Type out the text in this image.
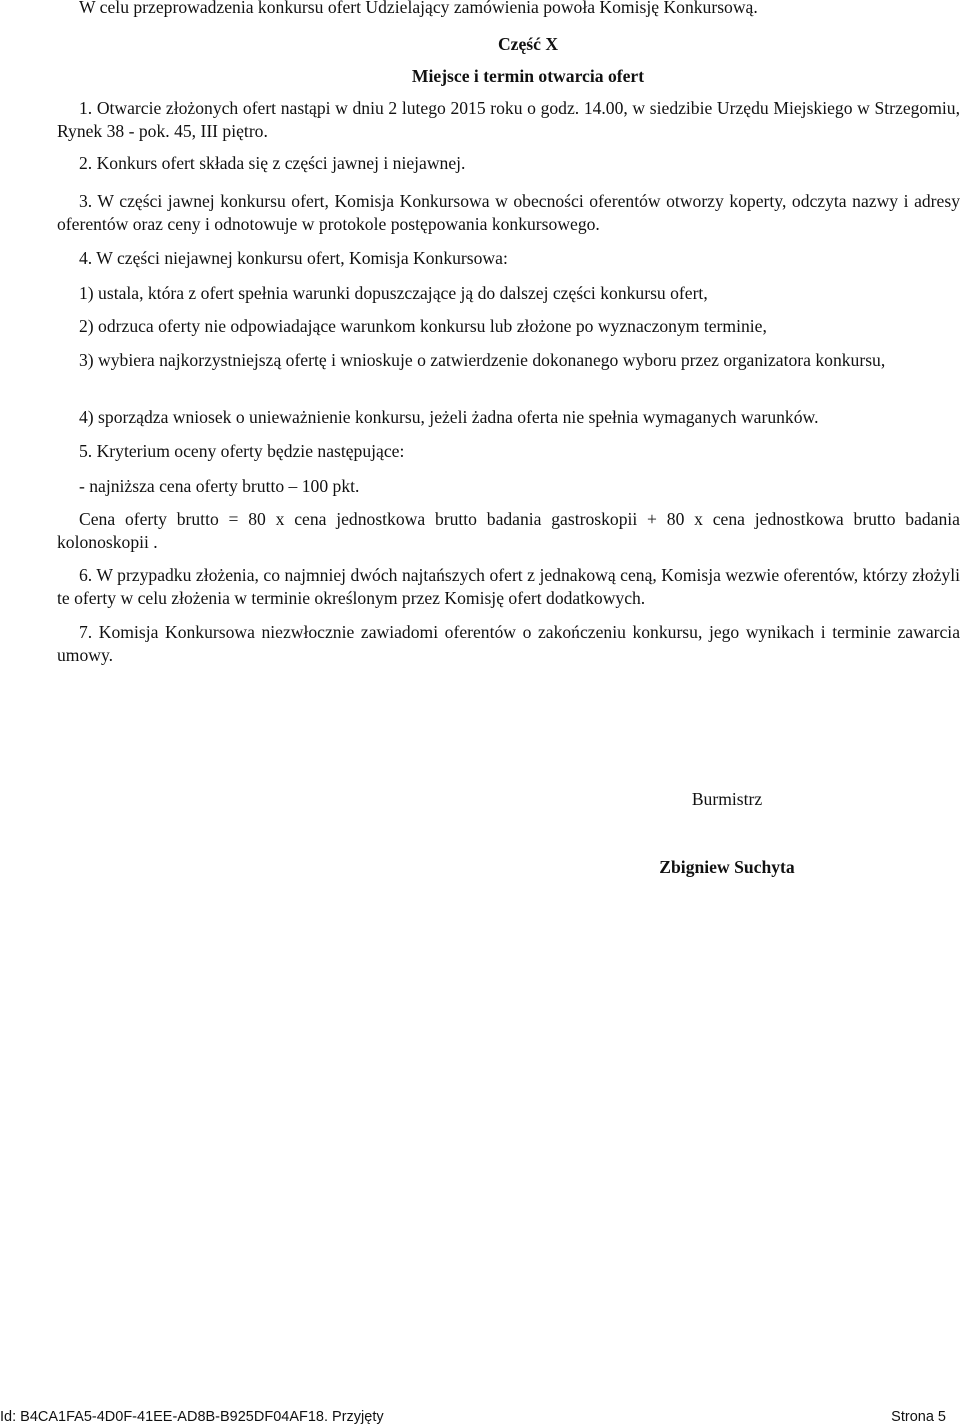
W celu przeprowadzenia konkursu ofert Udzielający zamówienia powoła Komisję Konkursową.

Część X

Miejsce i termin otwarcia ofert

1. Otwarcie złożonych ofert nastąpi w dniu 2 lutego 2015 roku o godz. 14.00, w siedzibie Urzędu Miejskiego w Strzegomiu, Rynek 38 - pok. 45, III piętro.

2. Konkurs ofert składa się z części jawnej i niejawnej.

3. W części jawnej konkursu ofert, Komisja Konkursowa w obecności oferentów otworzy koperty, odczyta nazwy i adresy oferentów oraz ceny i odnotowuje w protokole postępowania konkursowego.

4. W części niejawnej konkursu ofert, Komisja Konkursowa:

1) ustala, która z ofert spełnia warunki dopuszczające ją do dalszej części konkursu ofert,

2) odrzuca oferty nie odpowiadające warunkom konkursu lub złożone po wyznaczonym terminie,

3) wybiera najkorzystniejszą ofertę i wnioskuje o zatwierdzenie dokonanego wyboru przez organizatora konkursu,

4) sporządza wniosek o unieważnienie konkursu, jeżeli żadna oferta nie spełnia wymaganych warunków.

5. Kryterium oceny oferty będzie następujące:

- najniższa cena oferty brutto – 100 pkt.

Cena oferty brutto = 80 x cena jednostkowa brutto badania gastroskopii + 80 x cena jednostkowa brutto badania kolonoskopii .

6. W przypadku złożenia, co najmniej dwóch najtańszych ofert z jednakową ceną, Komisja wezwie oferentów, którzy złożyli te oferty w celu złożenia w terminie określonym przez Komisję ofert dodatkowych.

7. Komisja Konkursowa niezwłocznie zawiadomi oferentów o zakończeniu konkursu, jego wynikach i terminie zawarcia umowy.

Burmistrz

Zbigniew Suchyta

Id: B4CA1FA5-4D0F-41EE-AD8B-B925DF04AF18. Przyjęty	Strona 5
